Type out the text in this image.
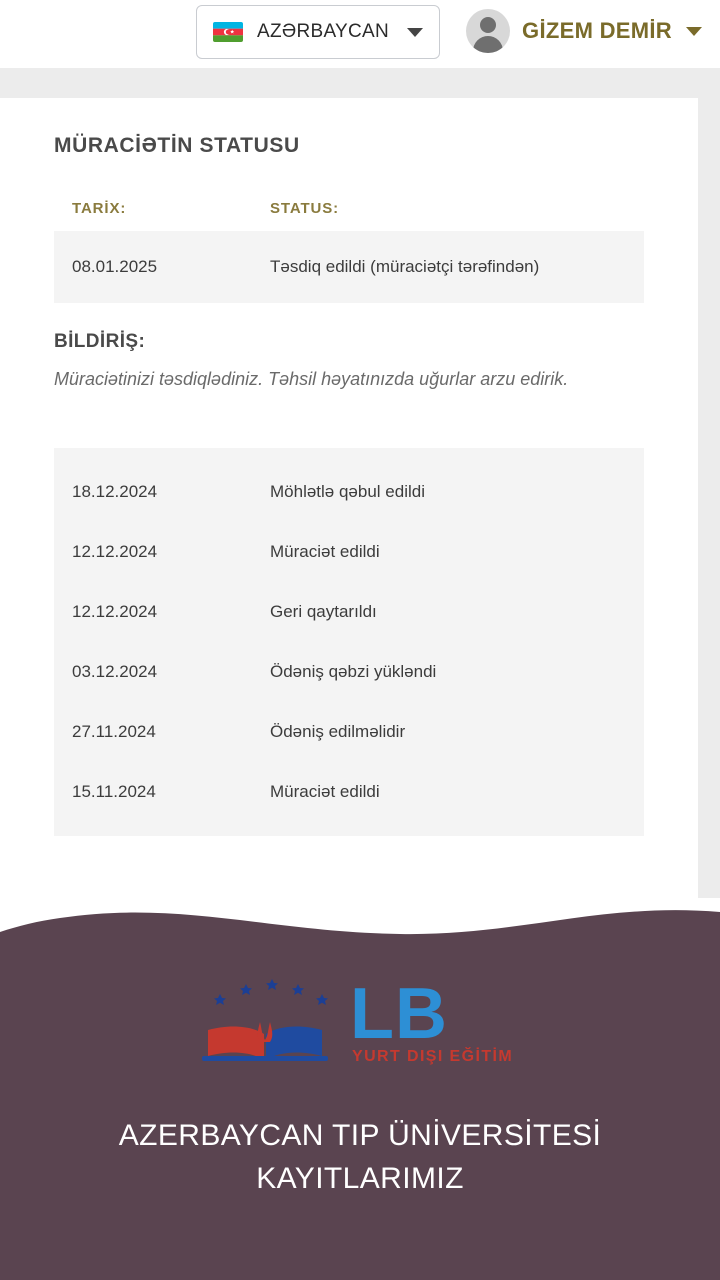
AZƏRBAYCAN	GİZEM DEMİR
MÜRACİƏTİN STATUSU
TARİX:	STATUS:
08.01.2025	Təsdiq edildi (müraciətçi tərəfindən)
BİLDİRİŞ:
Müraciətinizi təsdiqlədiniz. Təhsil həyatınızda uğurlar arzu edirik.
18.12.2024	Möhlətlə qəbul edildi
12.12.2024	Müraciət edildi
12.12.2024	Geri qaytarıldı
03.12.2024	Ödəniş qəbzi yükləndi
27.11.2024	Ödəniş edilməlidir
15.11.2024	Müraciət edildi
LB
YURT DIŞI EĞİTİM
AZERBAYCAN TIP ÜNİVERSİTESİ
KAYITLARIMIZ
